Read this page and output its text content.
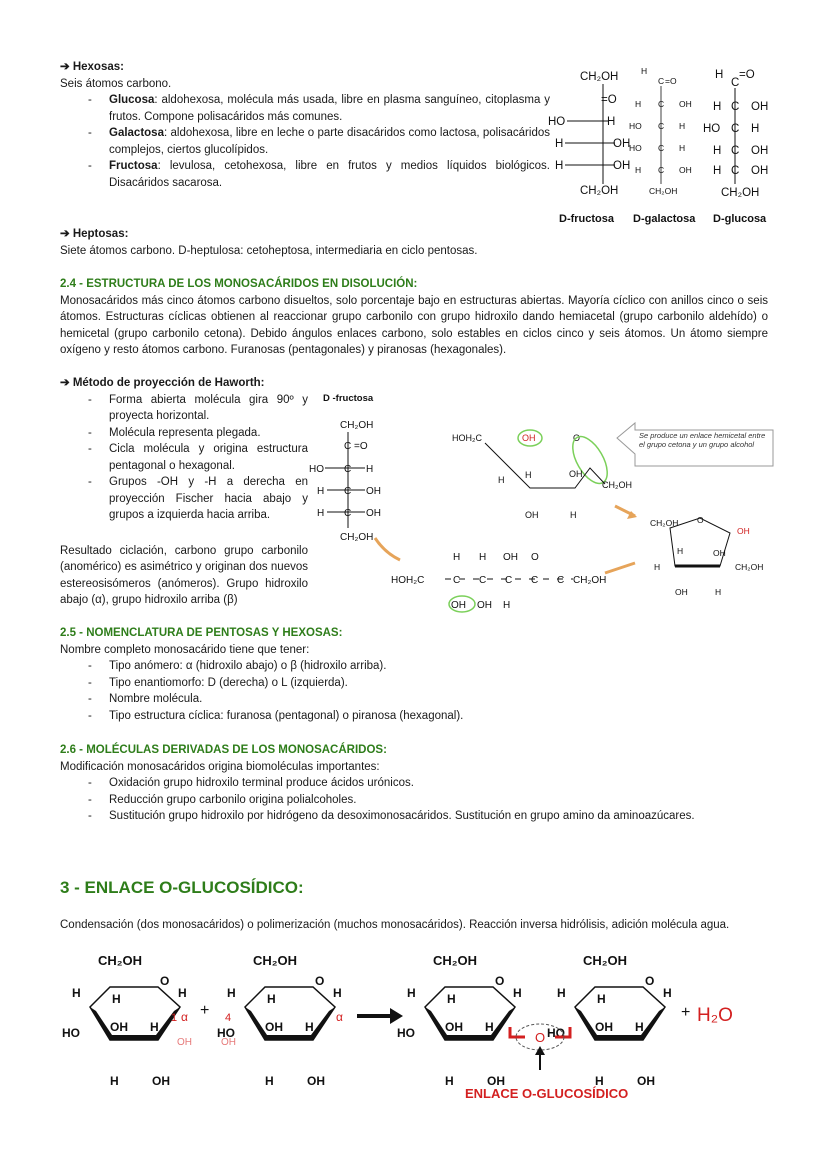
➔ Hexosas:
Seis átomos carbono.
- Glucosa: aldohexosa, molécula más usada, libre en plasma sanguíneo, citoplasma y frutos. Compone polisacáridos más comunes.
- Galactosa: aldohexosa, libre en leche o parte disacáridos como lactosa, polisacáridos complejos, ciertos glucolípidos.
- Fructosa: levulosa, cetohexosa, libre en frutos y medios líquidos biológicos. Disacáridos sacarosa.
CH₂OH
=O
HO	H
H	OH
H	OH
CH₂OH
H
C =O
H C OH
HO C H
HO C H
H C OH
CH₂OH
H
C
=O
H C OH
HO C H
H C OH
H C OH
CH₂OH
D-fructosa D-galactosa D-glucosa
➔ Heptosas:
Siete átomos carbono. D-heptulosa: cetoheptosa, intermediaria en ciclo pentosas.
2.4 - ESTRUCTURA DE LOS MONOSACÁRIDOS EN DISOLUCIÓN:
Monosacáridos más cinco átomos carbono disueltos, solo porcentaje bajo en estructuras abiertas. Mayoría cíclico con anillos cinco o seis átomos. Estructuras cíclicas obtienen al reaccionar grupo carbonilo con grupo hidroxilo dando hemiacetal (grupo carbonilo aldehído) o hemicetal (grupo carbonilo cetona). Debido ángulos enlaces carbono, solo estables en ciclos cinco y seis átomos. Un átomo siempre oxígeno y resto átomos carbono. Furanosas (pentagonales) y piranosas (hexagonales).
➔ Método de proyección de Haworth:
- Forma abierta molécula gira 90º y proyecta horizontal.
- Molécula representa plegada.
- Cicla molécula y origina estructura pentagonal o hexagonal.
- Grupos -OH y -H a derecha en proyección Fischer hacia abajo y grupos a izquierda hacia arriba.
Resultado ciclación, carbono grupo carbonilo (anomérico) es asimétrico y originan dos nuevos estereosisómeros (anómeros). Grupo hidroxilo abajo (α), grupo hidroxilo arriba (β)
D -fructosa
CH₂OH
C =O
HO C H
H C OH
H C OH
CH₂OH
HOH₂C	OH	O
H H	OH
CH₂OH
OH	H
Se produce un enlace hemicetal entre el grupo cetona y un grupo alcohol
H H OH O
HOH₂C	C C C C C CH₂OH
OH OH H
CH₂OH O
OH
H
H	OH
CH₂OH
OH	H
2.5 - NOMENCLATURA DE PENTOSAS Y HEXOSAS:
Nombre completo monosacárido tiene que tener:
- Tipo anómero: α (hidroxilo abajo) o β (hidroxilo arriba).
- Tipo enantiomorfo: D (derecha) o L (izquierda).
- Nombre molécula.
- Tipo estructura cíclica: furanosa (pentagonal) o piranosa (hexagonal).
2.6 - MOLÉCULAS DERIVADAS DE LOS MONOSACÁRIDOS:
Modificación monosacáridos origina biomoléculas importantes:
- Oxidación grupo hidroxilo terminal produce ácidos urónicos.
- Reducción grupo carbonilo origina polialcoholes.
- Sustitución grupo hidroxilo por hidrógeno da desoximonosacáridos. Sustitución en grupo amino da aminoazúcares.
3 - ENLACE O-GLUCOSÍDICO:
Condensación (dos monosacáridos) o polimerización (muchos monosacáridos). Reacción inversa hidrólisis, adición molécula agua.
CH₂OH
O
H	H	H
OH H
HO
H	OH
CH₂OH
O
H	H	H
OH H
HO
H	OH
CH₂OH
O
H	H	H
OH H
HO
H	OH
CH₂OH
O
H	H	H
OH H
HO
H	OH
+	+ H₂O
1 α	4	α
OH	OH	O
ENLACE O-GLUCOSÍDICO
